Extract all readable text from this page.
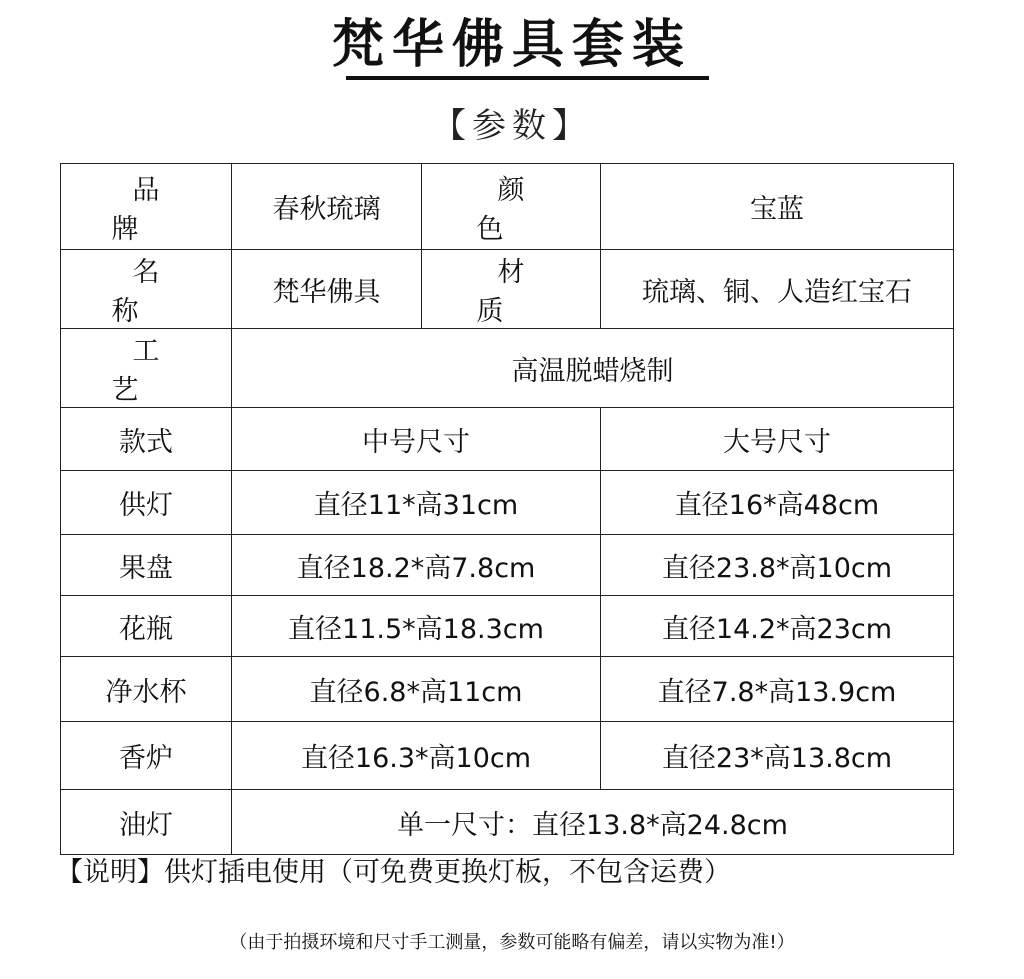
梵华佛具套装
【参数】
品 牌	春秋琉璃	颜 色	宝蓝
名 称	梵华佛具	材 质	琉璃、铜、人造红宝石
工 艺	高温脱蜡烧制		
款式	中号尺寸		大号尺寸
供灯	直径11*高31cm		直径16*高48cm
果盘	直径18.2*高7.8cm		直径23.8*高10cm
花瓶	直径11.5*高18.3cm		直径14.2*高23cm
净水杯	直径6.8*高11cm		直径7.8*高13.9cm
香炉	直径16.3*高10cm		直径23*高13.8cm
油灯	单一尺寸：直径13.8*高24.8cm		
【说明】供灯插电使用（可免费更换灯板，不包含运费）
（由于拍摄环境和尺寸手工测量，参数可能略有偏差，请以实物为准!）
